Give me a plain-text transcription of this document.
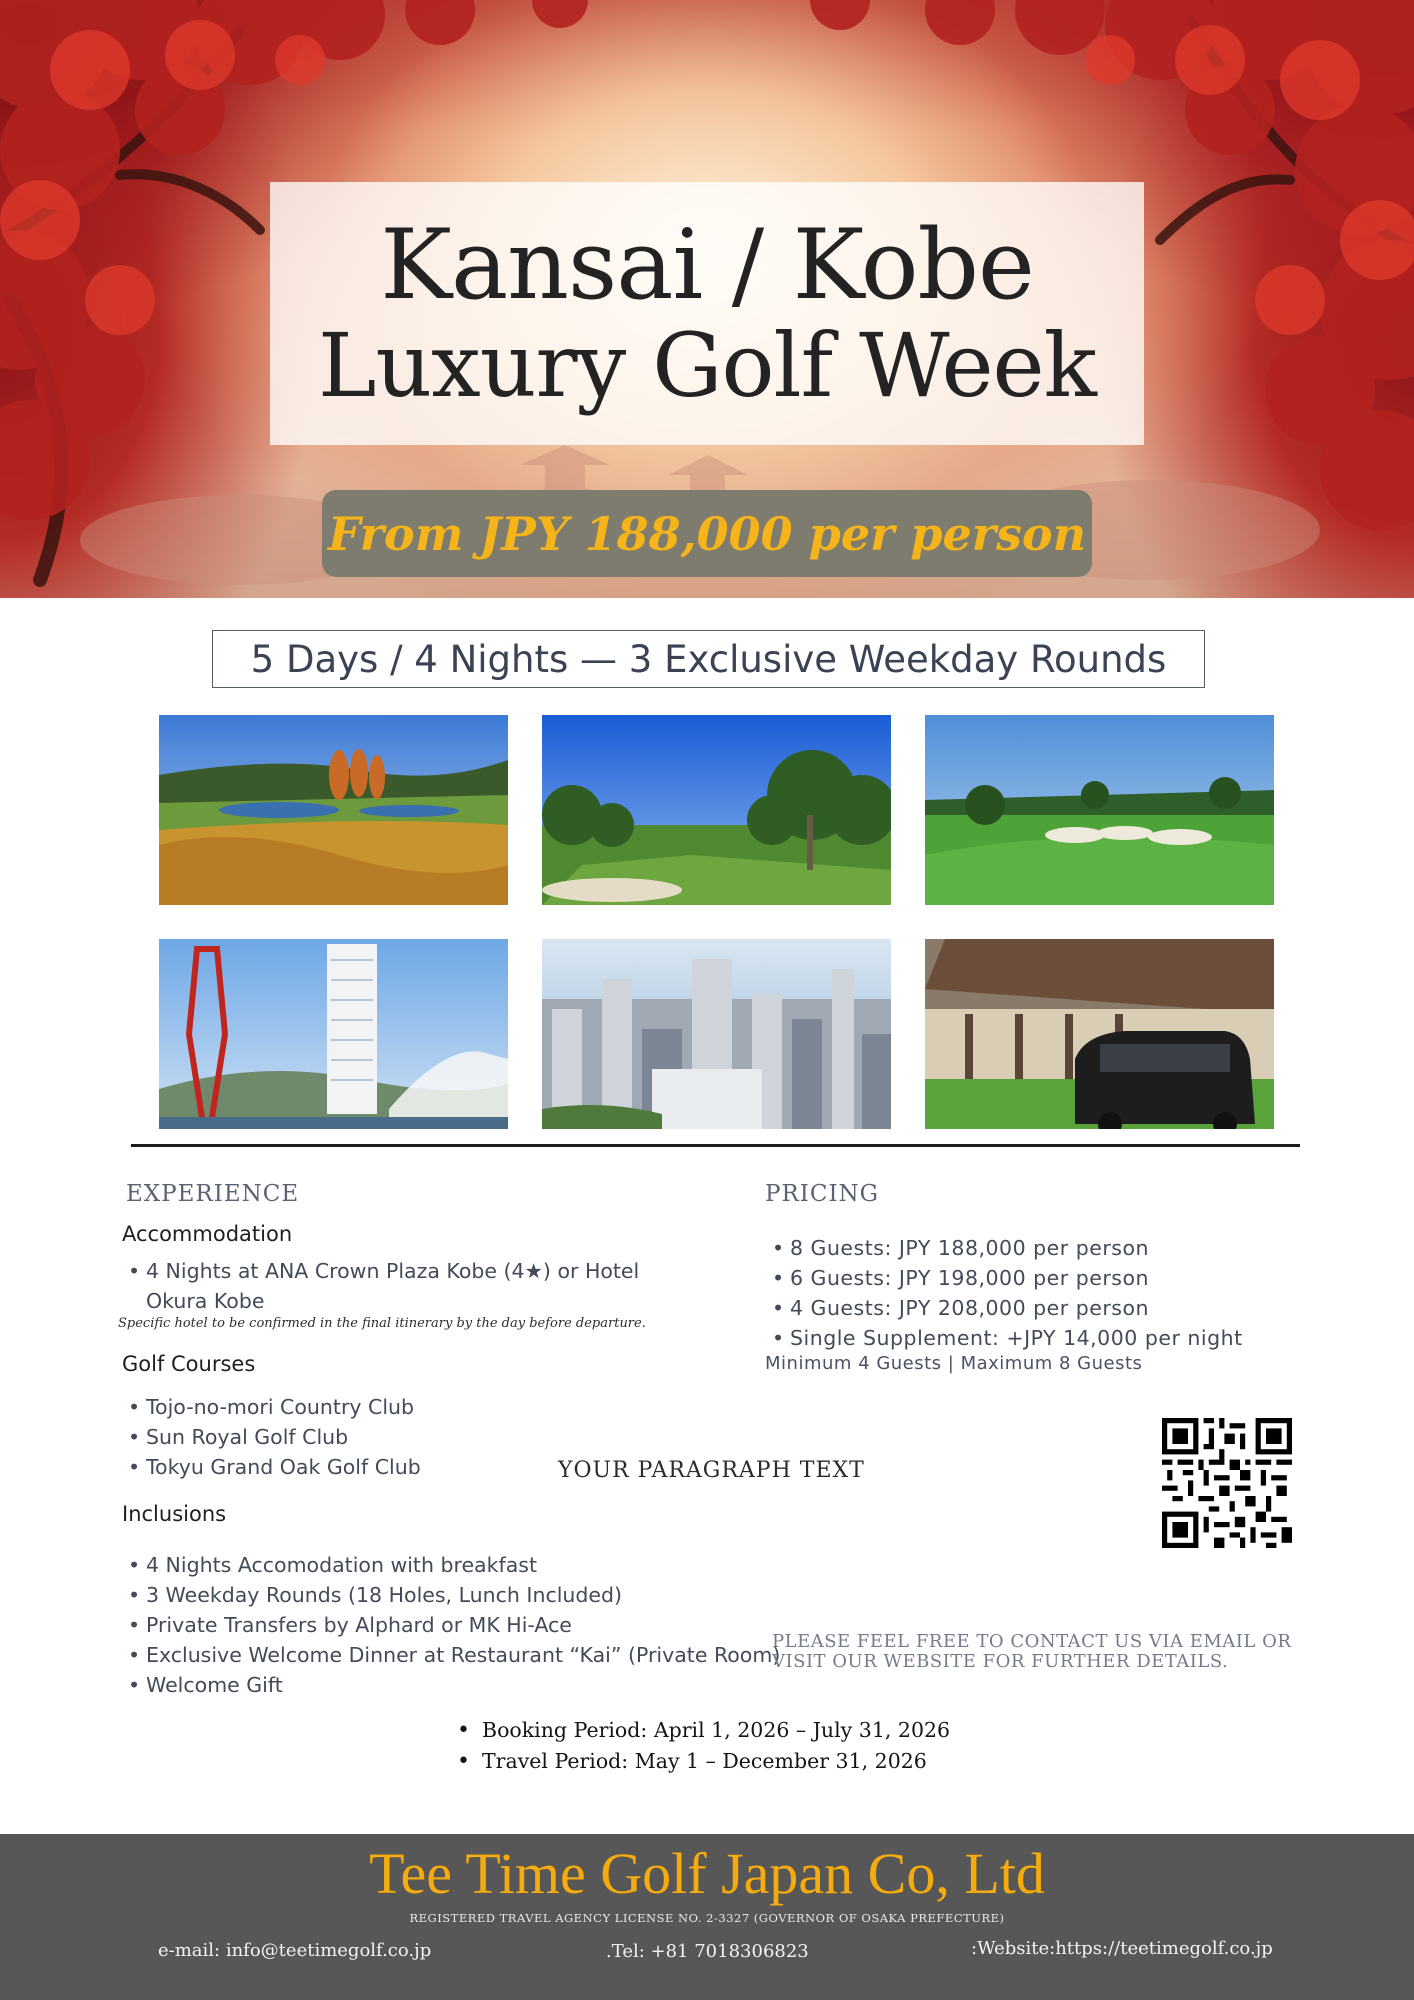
Kansai / Kobe
Luxury Golf Week
From JPY 188,000 per person
5 Days / 4 Nights — 3 Exclusive Weekday Rounds
EXPERIENCE
Accommodation
• 4 Nights at ANA Crown Plaza Kobe (4★) or Hotel Okura Kobe
Specific hotel to be confirmed in the final itinerary by the day before departure.
Golf Courses
• Tojo-no-mori Country Club
• Sun Royal Golf Club
• Tokyu Grand Oak Golf Club
Inclusions
• 4 Nights Accomodation with breakfast
• 3 Weekday Rounds (18 Holes, Lunch Included)
• Private Transfers by Alphard or MK Hi-Ace
• Exclusive Welcome Dinner at Restaurant “Kai” (Private Room)
• Welcome Gift
PRICING
• 8 Guests: JPY 188,000 per person
• 6 Guests: JPY 198,000 per person
• 4 Guests: JPY 208,000 per person
• Single Supplement: +JPY 14,000 per night
Minimum 4 Guests | Maximum 8 Guests
YOUR PARAGRAPH TEXT
PLEASE FEEL FREE TO CONTACT US VIA EMAIL OR VISIT OUR WEBSITE FOR FURTHER DETAILS.
• Booking Period: April 1, 2026 – July 31, 2026
• Travel Period: May 1 – December 31, 2026
Tee Time Golf Japan Co, Ltd
REGISTERED TRAVEL AGENCY LICENSE NO. 2-3327 (GOVERNOR OF OSAKA PREFECTURE)
e-mail: info@teetimegolf.co.jp	.Tel: +81 7018306823	:Website:https://teetimegolf.co.jp
